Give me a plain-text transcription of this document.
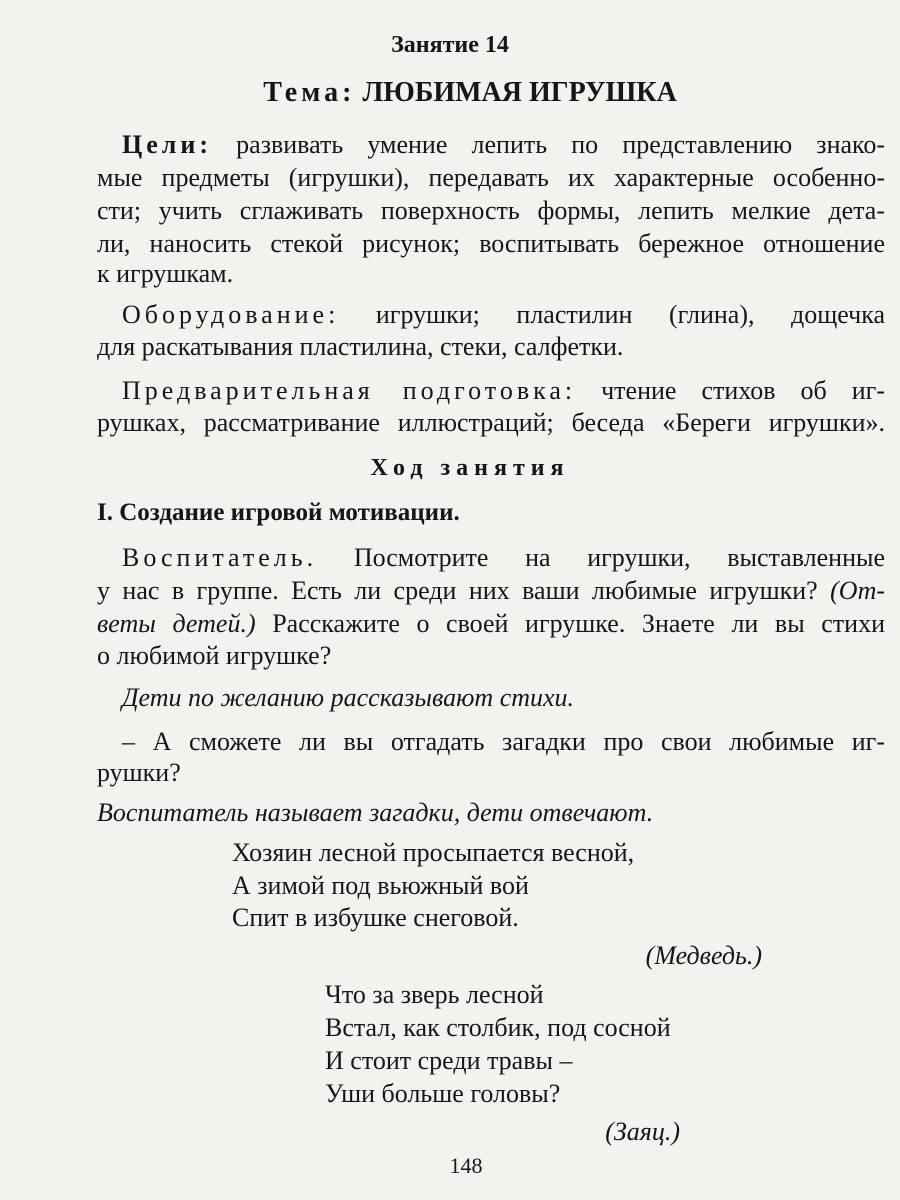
Занятие 14
Тема: ЛЮБИМАЯ ИГРУШКА
Цели: развивать умение лепить по представлению знако-
мые предметы (игрушки), передавать их характерные особенно-
сти; учить сглаживать поверхность формы, лепить мелкие дета-
ли, наносить стекой рисунок; воспитывать бережное отношение
к игрушкам.
Оборудование: игрушки; пластилин (глина), дощечка
для раскатывания пластилина, стеки, салфетки.
Предварительная подготовка: чтение стихов об иг-
рушках, рассматривание иллюстраций; беседа «Береги игрушки».
Ход занятия
I. Создание игровой мотивации.
Воспитатель. Посмотрите на игрушки, выставленные
у нас в группе. Есть ли среди них ваши любимые игрушки? (От-
веты детей.) Расскажите о своей игрушке. Знаете ли вы стихи
о любимой игрушке?
Дети по желанию рассказывают стихи.
– А сможете ли вы отгадать загадки про свои любимые иг-
рушки?
Воспитатель называет загадки, дети отвечают.
Хозяин лесной просыпается весной,
А зимой под вьюжный вой
Спит в избушке снеговой.
(Медведь.)
Что за зверь лесной
Встал, как столбик, под сосной
И стоит среди травы –
Уши больше головы?
(Заяц.)
148
